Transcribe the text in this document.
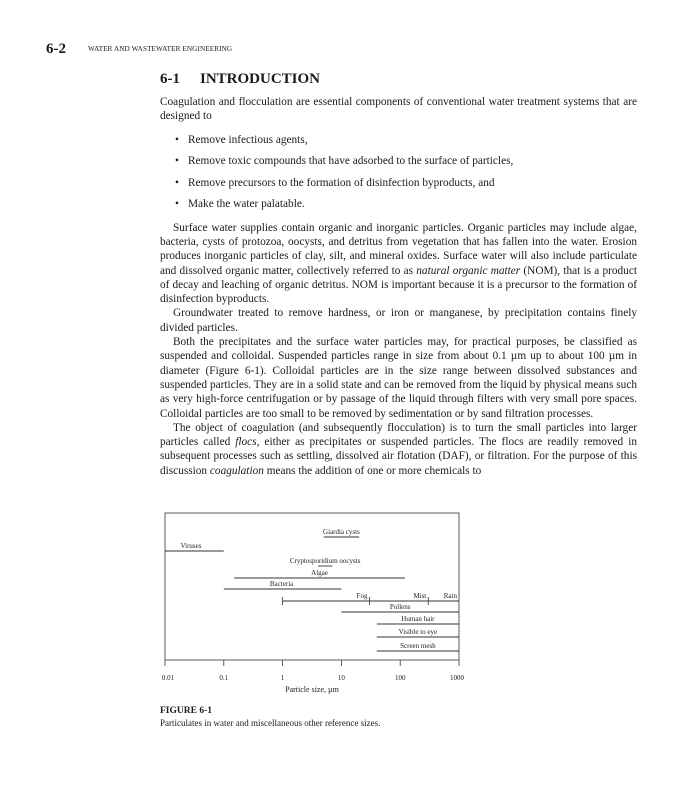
6-2	WATER AND WASTEWATER ENGINEERING
6-1 INTRODUCTION

Coagulation and flocculation are essential components of conventional water treatment systems that are designed to

• Remove infectious agents,
• Remove toxic compounds that have adsorbed to the surface of particles,
• Remove precursors to the formation of disinfection byproducts, and
• Make the water palatable.

Surface water supplies contain organic and inorganic particles. Organic particles may include algae, bacteria, cysts of protozoa, oocysts, and detritus from vegetation that has fallen into the water. Erosion produces inorganic particles of clay, silt, and mineral oxides. Surface water will also include particulate and dissolved organic matter, collectively referred to as natural organic matter (NOM), that is a product of decay and leaching of organic detritus. NOM is important because it is a precursor to the formation of disinfection byproducts.

Groundwater treated to remove hardness, or iron or manganese, by precipitation contains finely divided particles.

Both the precipitates and the surface water particles may, for practical purposes, be classified as suspended and colloidal. Suspended particles range in size from about 0.1 µm up to about 100 µm in diameter (Figure 6-1). Colloidal particles are in the size range between dissolved substances and suspended particles. They are in a solid state and can be removed from the liquid by physical means such as very high-force centrifugation or by passage of the liquid through filters with very small pore spaces. Colloidal particles are too small to be removed by sedimentation or by sand filtration processes.

The object of coagulation (and subsequently flocculation) is to turn the small particles into larger particles called flocs, either as precipitates or suspended particles. The flocs are readily removed in subsequent processes such as settling, dissolved air flotation (DAF), or filtration. For the purpose of this discussion coagulation means the addition of one or more chemicals to

Giardia cysts
Viruses
Cryptosporidium oocysts
Algae
Bacteria
Fog	Mist	Rain
Pollens
Human hair
Visible to eye
Screen mesh
0.01	0.1	1	10	100	1000
Particle size, µm
FIGURE 6-1
Particulates in water and miscellaneous other reference sizes.
